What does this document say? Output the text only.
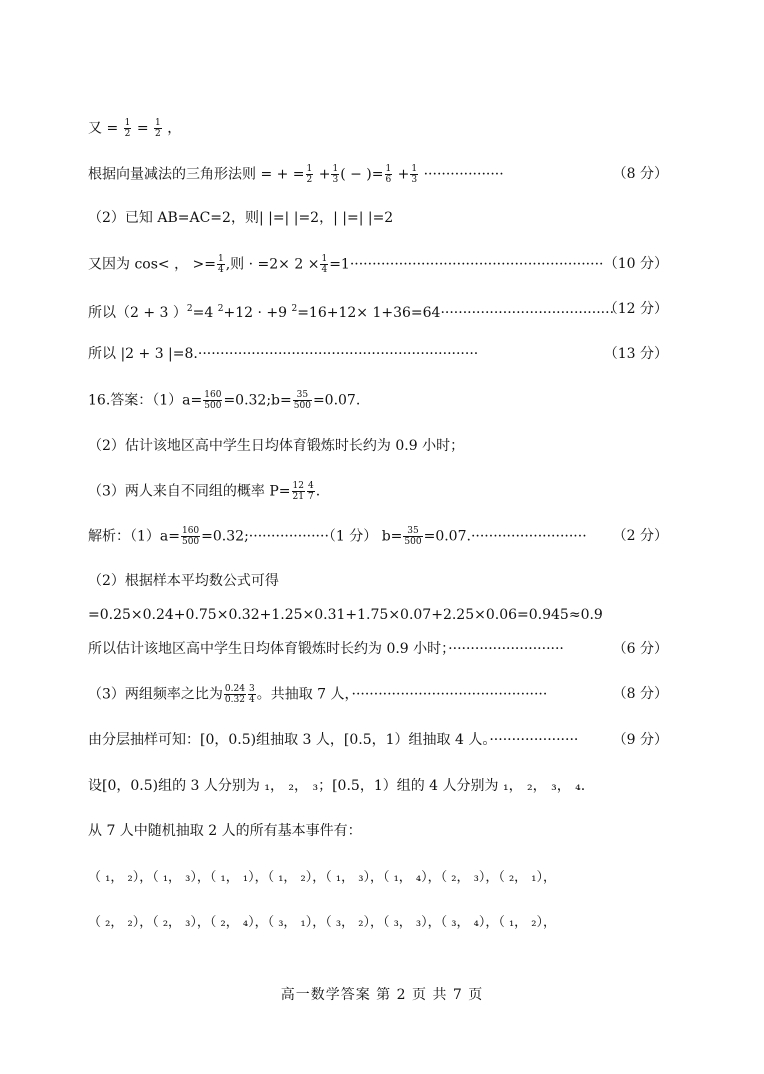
又 = $\frac{1}{2} = \frac{1}{2}$ ，
根据向量减法的三角形法则 = + = $\frac{1}{2} + \frac{1}{3}$ ( − )= $\frac{1}{6} + \frac{1}{3}$ ··················	（8 分）
（2）已知 AB=AC=2，则| |=| |=2，| |=| |=2
又因为 cos< ， >= $\frac{1}{4}$ ,则 · $=2\times 2 \times \frac{1}{4} =1\cdot\cdot\cdot\cdot\cdot\cdot\cdot\cdot\cdot\cdot\cdot\cdot\cdot\cdot\cdot\cdot\cdot\cdot\cdot\cdot\cdot\cdot\cdot\cdot\cdot\cdot\cdot\cdot\cdot\cdot\cdot\cdot\cdot\cdot\cdot\cdot\cdot\cdot\cdot\cdot\cdot\cdot\cdot\cdot\cdot\cdot\cdot\cdot\cdot\cdot\cdot\cdot\cdot\cdot\cdot\cdot\cdot (10$ 分）
所以（2 + 3 ）$^2$=4 $^2$+12 · +9 $^2$=16+12× 1+36=64·······································
（12 分）
所以 |2 + 3 |=8.·······························································	（13 分）
16.答案：$(1)a= \frac{160}{500}$ =0.32;b= $\frac{35}{500} =0.07$.
（2）估计该地区高中学生日均体育锻炼时长约为 0.9 小时；
（3）两人来自不同组的概率 $P= \frac{12}{21} \frac{4}{7}$ .
解析：$(1)a= \frac{160}{500}$ =0.32;··················（1 分） $b= \frac{35}{500} =0.07.\cdot\cdot\cdot\cdot\cdot\cdot\cdot\cdot\cdot\cdot\cdot\cdot\cdot\cdot\cdot\cdot\cdot\cdot\cdot\cdot\cdot\cdot\cdot\cdot\cdot\cdot (2$ 分）
（2）根据样本平均数公式可得
=0.25×0.24+0.75×0.32+1.25×0.31+1.75×0.07+2.25×0.06=0.945≈0.9
所以估计该地区高中学生日均体育锻炼时长约为 0.9 小时；··························	（6 分）
（3）两组频率之比为 $\frac{0.24}{0.32} \frac{3}{4}$ 。共抽取 7 人，············································	（8 分）
由分层抽样可知：[0，0.5)组抽取 3 人，[0.5，1）组抽取 4 人。···················· （9 分）
设[0，0.5)组的 3 人分别为 ₁， ₂， ₃；[0.5，1）组的 4 人分别为 ₁， ₂， ₃， ₄.
从 7 人中随机抽取 2 人的所有基本事件有：
（ ₁， ₂），（ ₁， ₃），（ ₁， ₁），（ ₁， ₂），（ ₁， ₃），（ ₁， ₄），（ ₂， ₃），（ ₂， ₁），
（ ₂， ₂），（ ₂， ₃），（ ₂， ₄），（ ₃， ₁），（ ₃， ₂），（ ₃， ₃），（ ₃， ₄），（ ₁， ₂），
高一数学答案 第 2 页 共 7 页
